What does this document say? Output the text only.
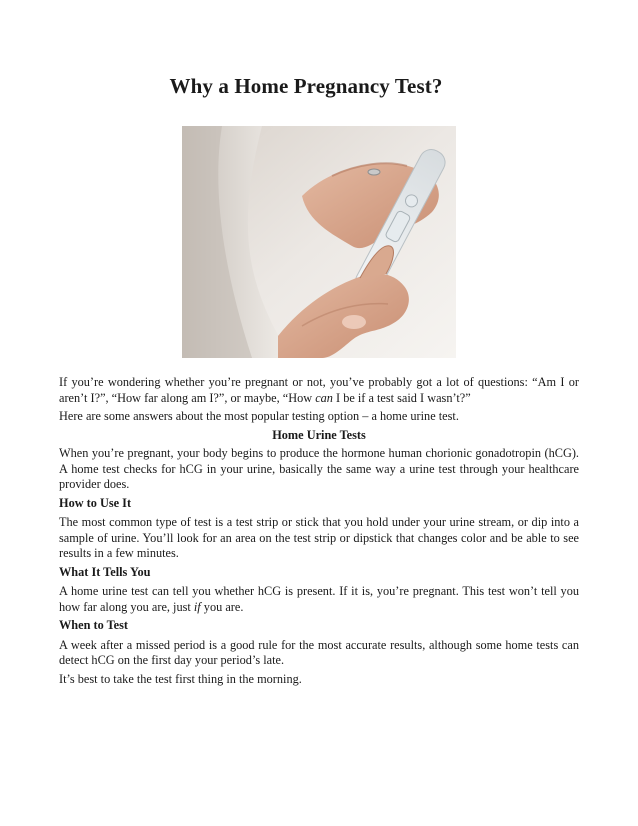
Why a Home Pregnancy Test?

If you’re wondering whether you’re pregnant or not, you’ve probably got a lot of questions: “Am I or aren’t I?”, “How far along am I?”, or maybe, “How can I be if a test said I wasn’t?”

Here are some answers about the most popular testing option – a home urine test.

Home Urine Tests

When you’re pregnant, your body begins to produce the hormone human chorionic gonadotropin (hCG). A home test checks for hCG in your urine, basically the same way a urine test through your healthcare provider does.

How to Use It

The most common type of test is a test strip or stick that you hold under your urine stream, or dip into a sample of urine. You’ll look for an area on the test strip or dipstick that changes color and be able to see results in a few minutes.

What It Tells You

A home urine test can tell you whether hCG is present. If it is, you’re pregnant. This test won’t tell you how far along you are, just if you are.

When to Test

A week after a missed period is a good rule for the most accurate results, although some home tests can detect hCG on the first day your period’s late.

It’s best to take the test first thing in the morning.
